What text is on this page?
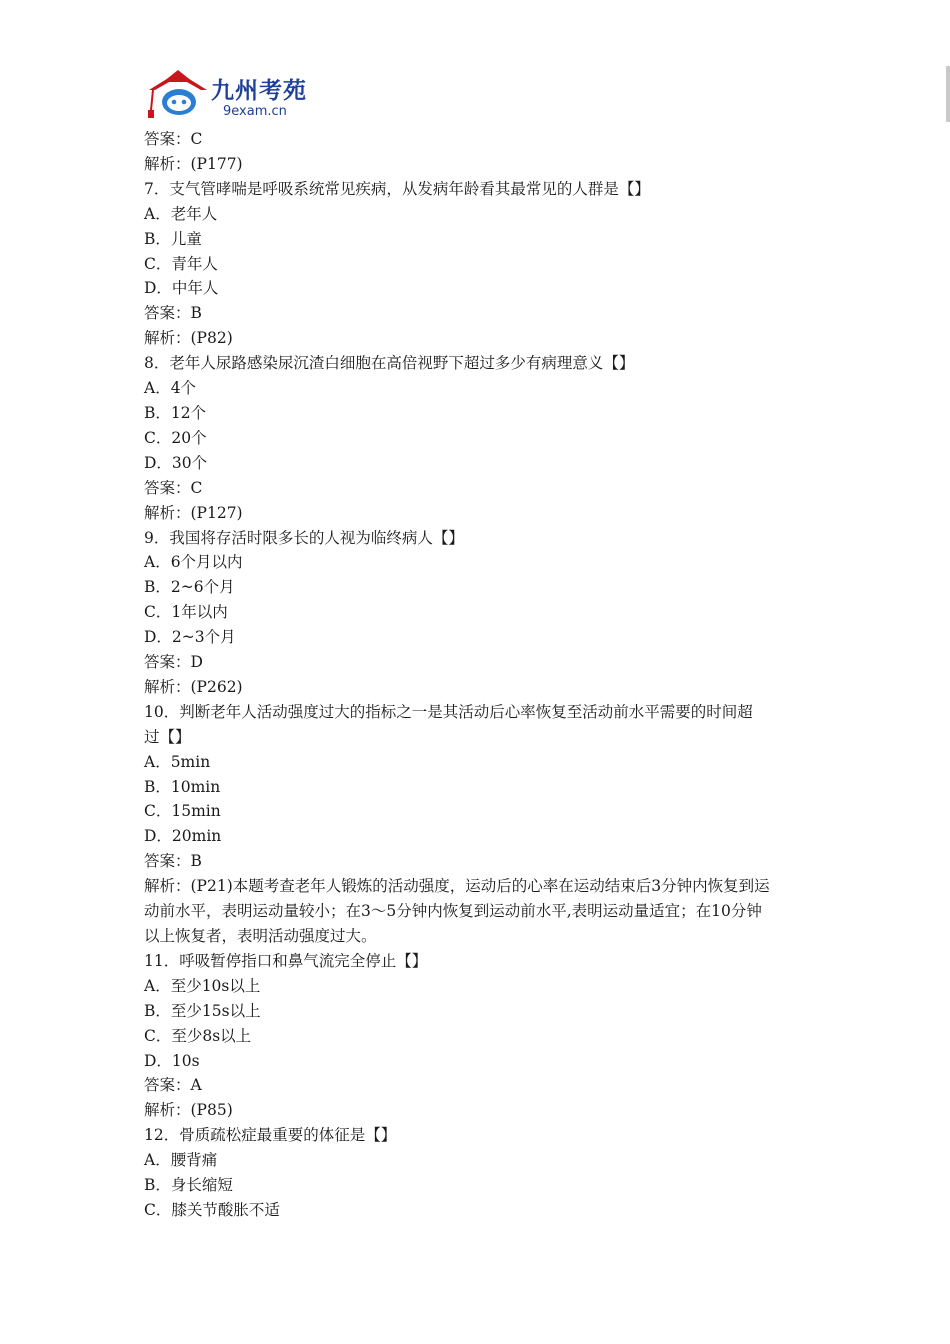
九州考苑
9exam.cn
答案：C
解析：(P177)
7．支气管哮喘是呼吸系统常见疾病，从发病年龄看其最常见的人群是【】
A．老年人
B．儿童
C．青年人
D．中年人
答案：B
解析：(P82)
8．老年人尿路感染尿沉渣白细胞在高倍视野下超过多少有病理意义【】
A．4个
B．12个
C．20个
D．30个
答案：C
解析：(P127)
9．我国将存活时限多长的人视为临终病人【】
A．6个月以内
B．2~6个月
C．1年以内
D．2~3个月
答案：D
解析：(P262)
10．判断老年人活动强度过大的指标之一是其活动后心率恢复至活动前水平需要的时间超
过【】
A．5min
B．10min
C．15min
D．20min
答案：B
解析：(P21)本题考查老年人锻炼的活动强度，运动后的心率在运动结束后3分钟内恢复到运
动前水平，表明运动量较小；在3～5分钟内恢复到运动前水平,表明运动量适宜；在10分钟
以上恢复者，表明活动强度过大。
11．呼吸暂停指口和鼻气流完全停止【】
A．至少10s以上
B．至少15s以上
C．至少8s以上
D．10s
答案：A
解析：(P85)
12．骨质疏松症最重要的体征是【】
A．腰背痛
B．身长缩短
C．膝关节酸胀不适
